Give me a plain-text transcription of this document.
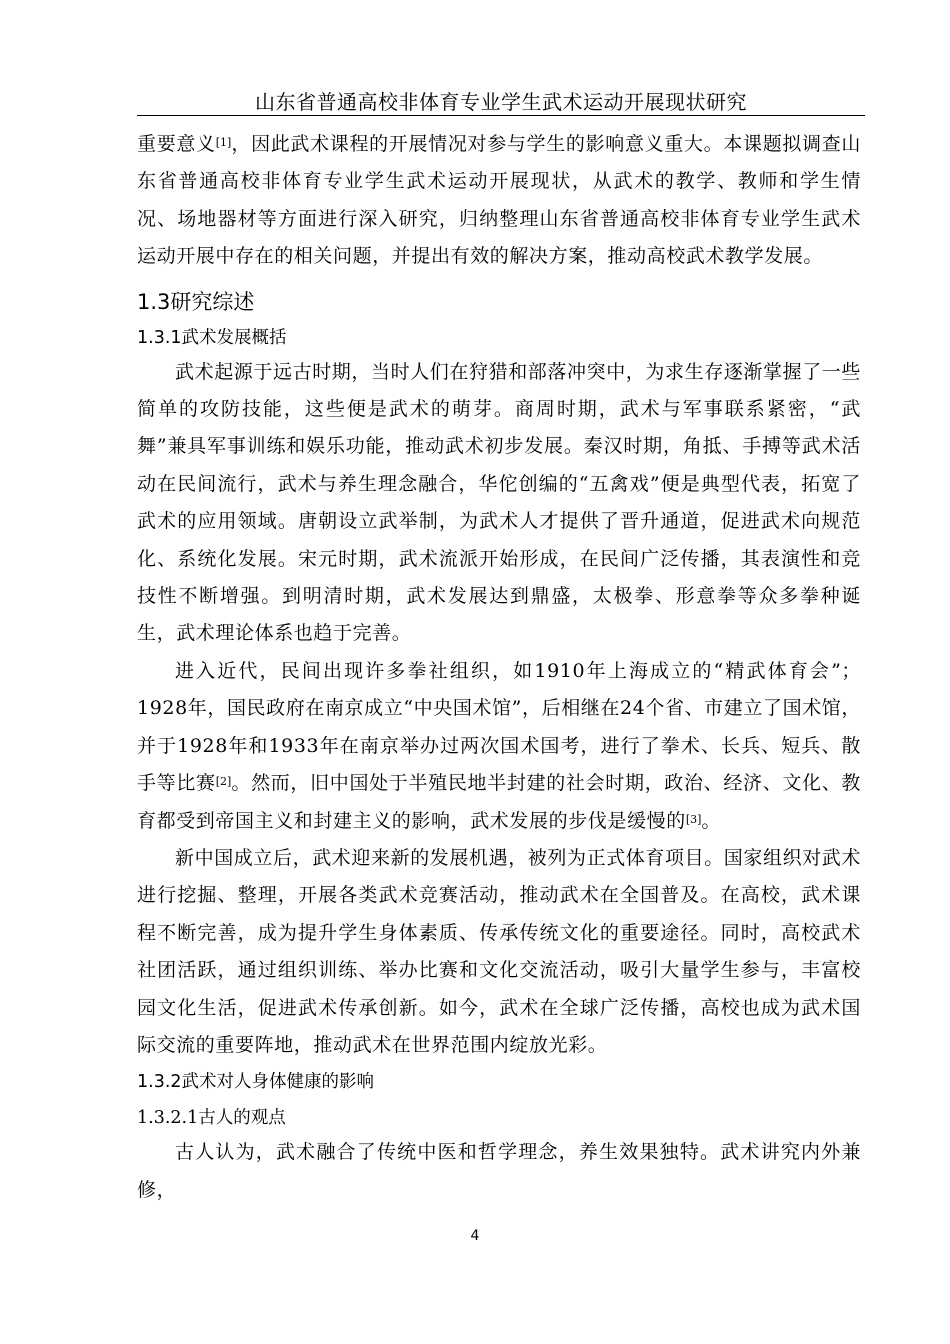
山东省普通高校非体育专业学生武术运动开展现状研究

重要意义[1]，因此武术课程的开展情况对参与学生的影响意义重大。本课题拟调查山东省普通高校非体育专业学生武术运动开展现状，从武术的教学、教师和学生情况、场地器材等方面进行深入研究，归纳整理山东省普通高校非体育专业学生武术运动开展中存在的相关问题，并提出有效的解决方案，推动高校武术教学发展。

1.3研究综述
1.3.1武术发展概括

武术起源于远古时期，当时人们在狩猎和部落冲突中，为求生存逐渐掌握了一些简单的攻防技能，这些便是武术的萌芽。商周时期，武术与军事联系紧密，“武舞”兼具军事训练和娱乐功能，推动武术初步发展。秦汉时期，角抵、手搏等武术活动在民间流行，武术与养生理念融合，华佗创编的“五禽戏”便是典型代表，拓宽了武术的应用领域。唐朝设立武举制，为武术人才提供了晋升通道，促进武术向规范化、系统化发展。宋元时期，武术流派开始形成，在民间广泛传播，其表演性和竞技性不断增强。到明清时期，武术发展达到鼎盛，太极拳、形意拳等众多拳种诞生，武术理论体系也趋于完善。

进入近代，民间出现许多拳社组织，如1910年上海成立的“精武体育会”；1928年，国民政府在南京成立“中央国术馆”，后相继在24个省、市建立了国术馆，并于1928年和1933年在南京举办过两次国术国考，进行了拳术、长兵、短兵、散手等比赛[2]。然而，旧中国处于半殖民地半封建的社会时期，政治、经济、文化、教育都受到帝国主义和封建主义的影响，武术发展的步伐是缓慢的[3]。

新中国成立后，武术迎来新的发展机遇，被列为正式体育项目。国家组织对武术进行挖掘、整理，开展各类武术竞赛活动，推动武术在全国普及。在高校，武术课程不断完善，成为提升学生身体素质、传承传统文化的重要途径。同时，高校武术社团活跃，通过组织训练、举办比赛和文化交流活动，吸引大量学生参与，丰富校园文化生活，促进武术传承创新。如今，武术在全球广泛传播，高校也成为武术国际交流的重要阵地，推动武术在世界范围内绽放光彩。

1.3.2武术对人身体健康的影响
1.3.2.1古人的观点

古人认为，武术融合了传统中医和哲学理念，养生效果独特。武术讲究内外兼修，

4
